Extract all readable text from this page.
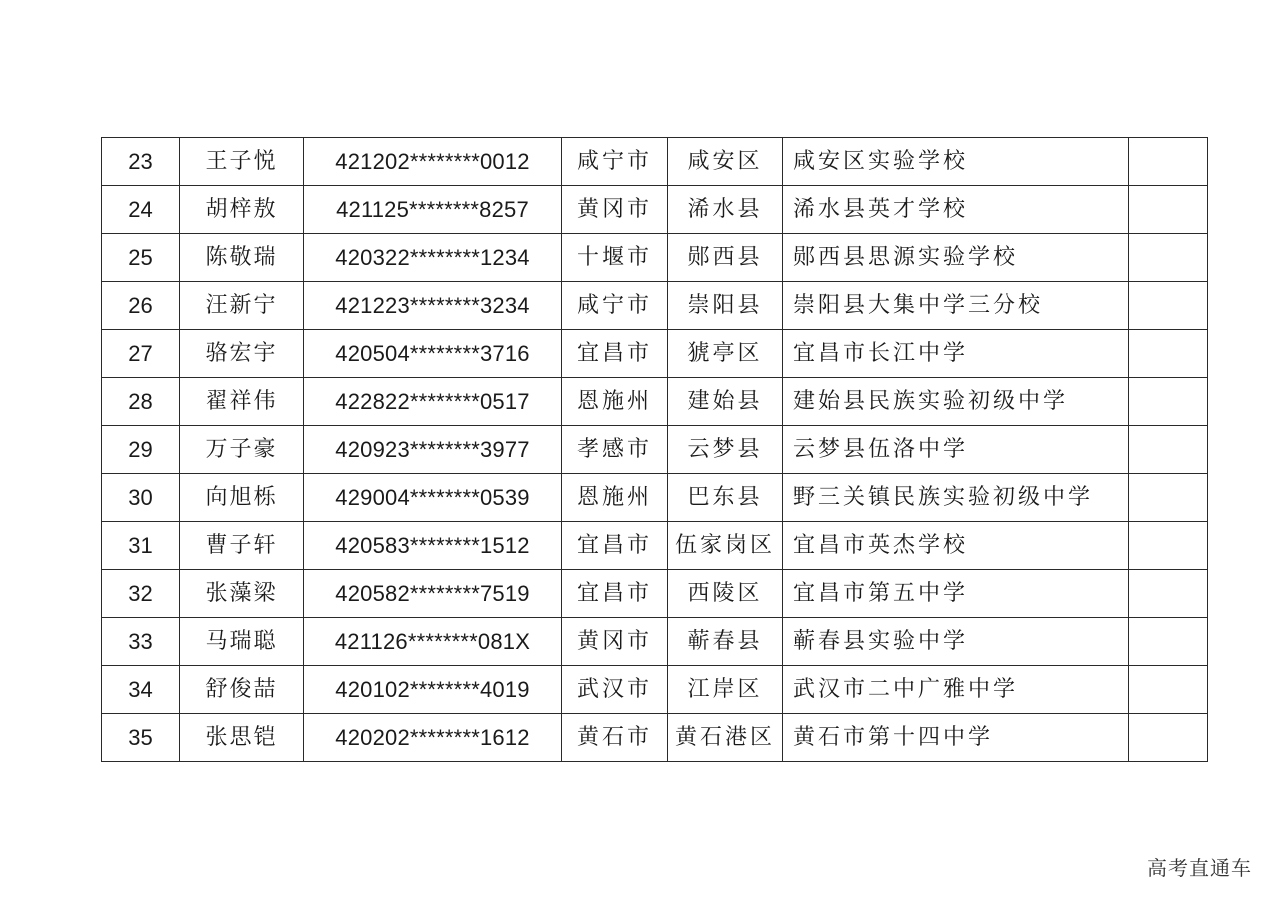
23	王子悦	421202********0012	咸宁市	咸安区	咸安区实验学校	
24	胡梓敖	421125********8257	黄冈市	浠水县	浠水县英才学校	
25	陈敬瑞	420322********1234	十堰市	郧西县	郧西县思源实验学校	
26	汪新宁	421223********3234	咸宁市	崇阳县	崇阳县大集中学三分校	
27	骆宏宇	420504********3716	宜昌市	猇亭区	宜昌市长江中学	
28	翟祥伟	422822********0517	恩施州	建始县	建始县民族实验初级中学	
29	万子豪	420923********3977	孝感市	云梦县	云梦县伍洛中学	
30	向旭栎	429004********0539	恩施州	巴东县	野三关镇民族实验初级中学	
31	曹子轩	420583********1512	宜昌市	伍家岗区	宜昌市英杰学校	
32	张藻梁	420582********7519	宜昌市	西陵区	宜昌市第五中学	
33	马瑞聪	421126********081X	黄冈市	蕲春县	蕲春县实验中学	
34	舒俊喆	420102********4019	武汉市	江岸区	武汉市二中广雅中学	
35	张思铠	420202********1612	黄石市	黄石港区	黄石市第十四中学	
高考直通车
